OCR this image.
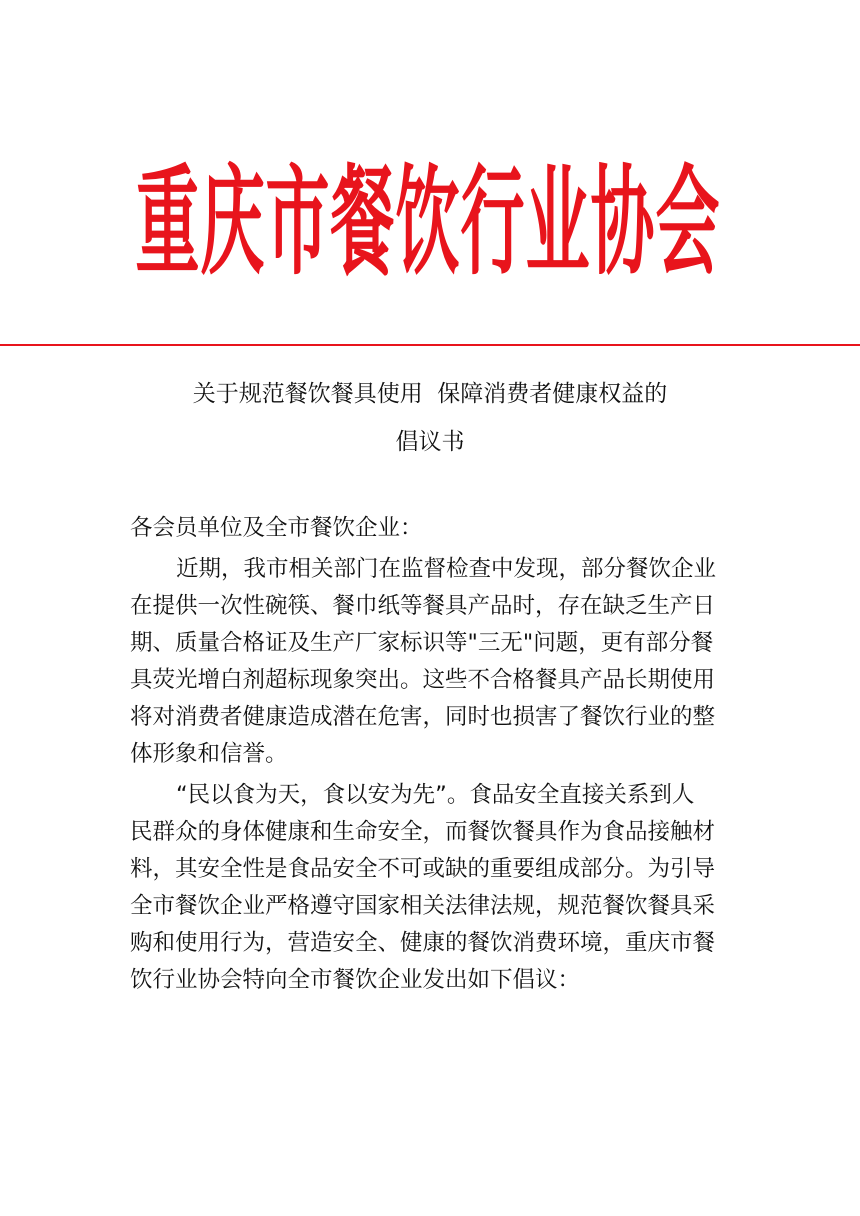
重庆市餐饮行业协会
关于规范餐饮餐具使用  保障消费者健康权益的
倡议书
各会员单位及全市餐饮企业：
近期，我市相关部门在监督检查中发现，部分餐饮企业
在提供一次性碗筷、餐巾纸等餐具产品时，存在缺乏生产日
期、质量合格证及生产厂家标识等"三无"问题，更有部分餐
具荧光增白剂超标现象突出。这些不合格餐具产品长期使用
将对消费者健康造成潜在危害，同时也损害了餐饮行业的整
体形象和信誉。
“民以食为天，食以安为先”。食品安全直接关系到人
民群众的身体健康和生命安全，而餐饮餐具作为食品接触材
料，其安全性是食品安全不可或缺的重要组成部分。为引导
全市餐饮企业严格遵守国家相关法律法规，规范餐饮餐具采
购和使用行为，营造安全、健康的餐饮消费环境，重庆市餐
饮行业协会特向全市餐饮企业发出如下倡议：
